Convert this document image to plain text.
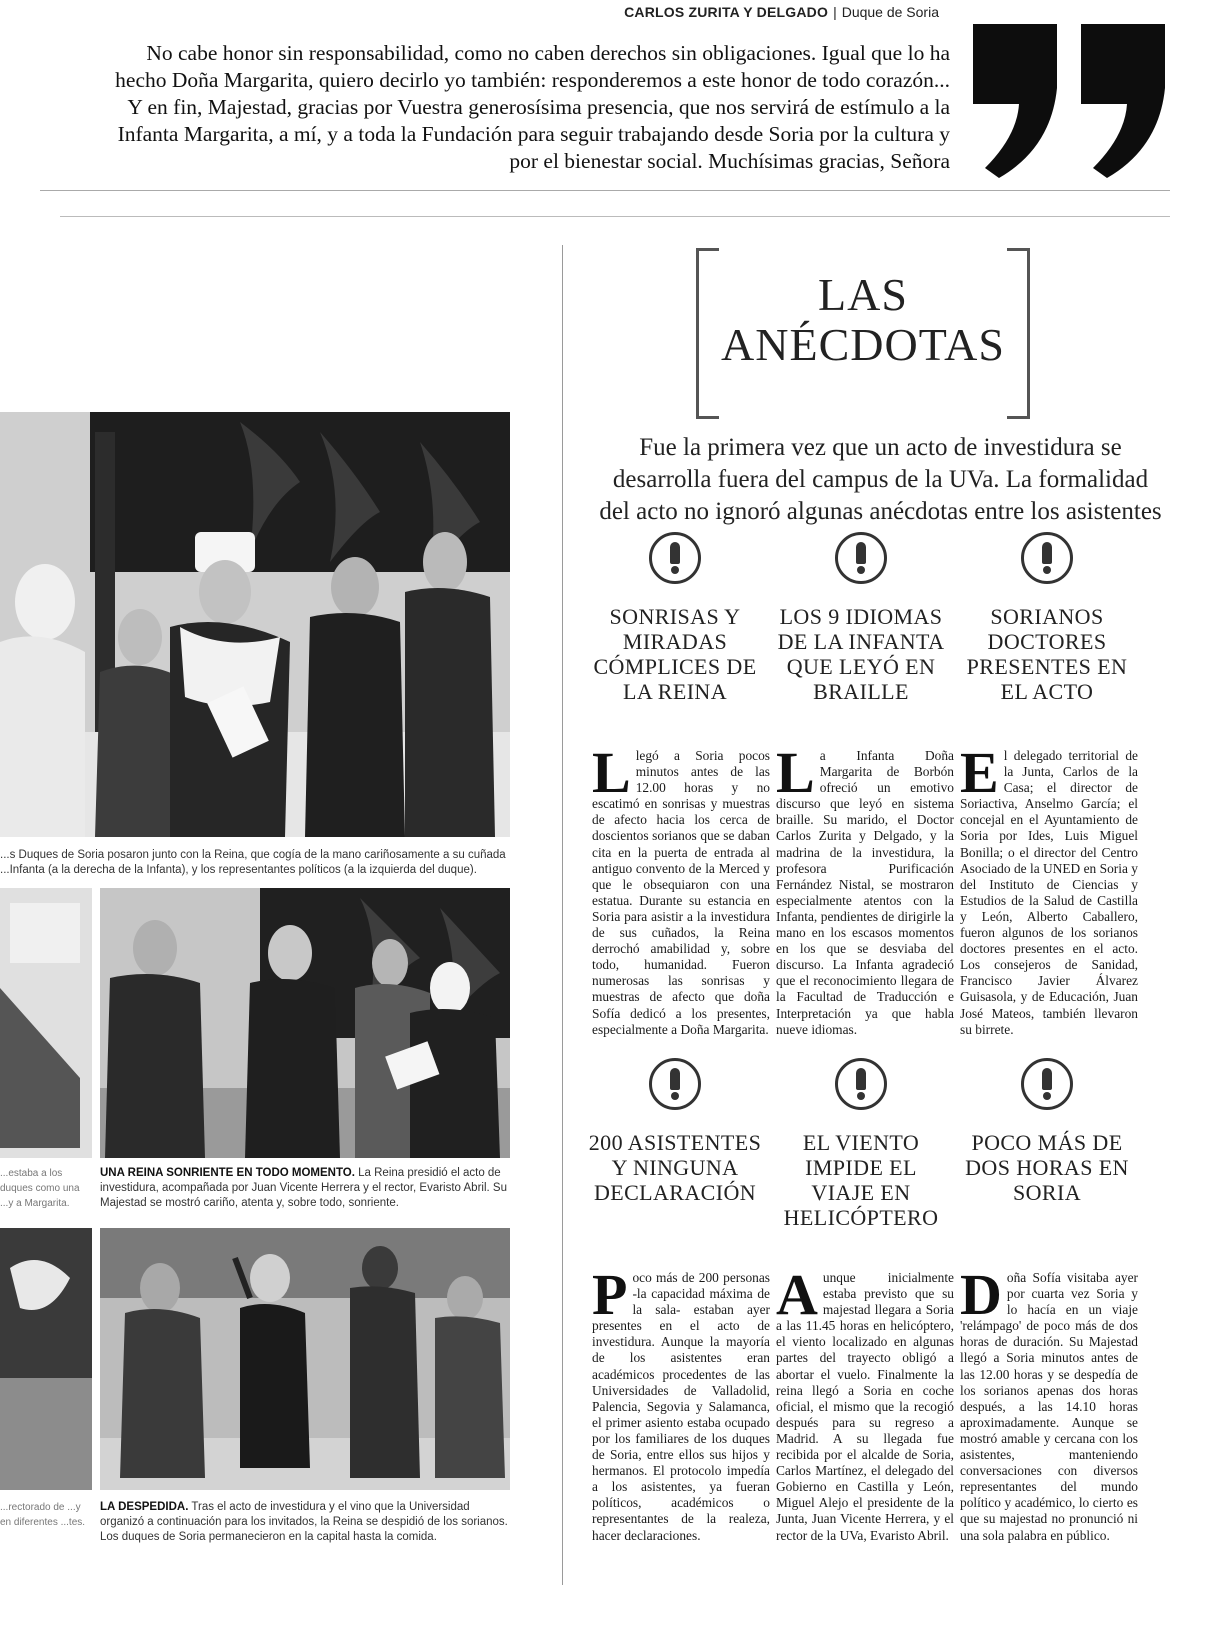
CARLOS ZURITA Y DELGADO | Duque de Soria
No cabe honor sin responsabilidad, como no caben derechos sin obligaciones. Igual que lo ha
hecho Doña Margarita, quiero decirlo yo también: responderemos a este honor de todo corazón...
Y en fin, Majestad, gracias por Vuestra generosísima presencia, que nos servirá de estímulo a la
Infanta Margarita, a mí, y a toda la Fundación para seguir trabajando desde Soria por la cultura y
por el bienestar social. Muchísimas gracias, Señora
...s Duques de Soria posaron junto con la Reina, que cogía de la mano cariñosamente a su cuñada
...Infanta (a la derecha de la Infanta), y los representantes políticos (a la izquierda del duque).
...estaba a los duques como una ...y a Margarita.
UNA REINA SONRIENTE EN TODO MOMENTO. La Reina presidió el acto de investidura, acompañada por Juan Vicente Herrera y el rector, Evaristo Abril. Su Majestad se mostró cariño, atenta y, sobre todo, sonriente.
...rectorado de ...y en diferentes ...tes.
LA DESPEDIDA. Tras el acto de investidura y el vino que la Universidad organizó a continuación para los invitados, la Reina se despidió de los sorianos. Los duques de Soria permanecieron en la capital hasta la comida.
LAS
ANÉCDOTAS
Fue la primera vez que un acto de investidura se desarrolla fuera del campus de la UVa. La formalidad del acto no ignoró algunas anécdotas entre los asistentes
SONRISAS Y MIRADAS CÓMPLICES DE LA REINA
LOS 9 IDIOMAS DE LA INFANTA QUE LEYÓ EN BRAILLE
SORIANOS DOCTORES PRESENTES EN EL ACTO
Llegó a Soria pocos minutos antes de las 12.00 horas y no escatimó en sonrisas y muestras de afecto hacia los cerca de doscientos sorianos que se daban cita en la puerta de entrada al antiguo convento de la Merced y que le obsequiaron con una estatua. Durante su estancia en Soria para asistir a la investidura de sus cuñados, la Reina derrochó amabilidad y, sobre todo, humanidad. Fueron numerosas las sonrisas y muestras de afecto que doña Sofía dedicó a los presentes, especialmente a Doña Margarita.
La Infanta Doña Margarita de Borbón ofreció un emotivo discurso que leyó en sistema braille. Su marido, el Doctor Carlos Zurita y Delgado, y la madrina de la investidura, la profesora Purificación Fernández Nistal, se mostraron especialmente atentos con la Infanta, pendientes de dirigirle la mano en los escasos momentos en los que se desviaba del discurso. La Infanta agradeció que el reconocimiento llegara de la Facultad de Traducción e Interpretación ya que habla nueve idiomas.
El delegado territorial de la Junta, Carlos de la Casa; el director de Soriactiva, Anselmo García; el concejal en el Ayuntamiento de Soria por Ides, Luis Miguel Bonilla; o el director del Centro Asociado de la UNED en Soria y del Instituto de Ciencias y Estudios de la Salud de Castilla y León, Alberto Caballero, fueron algunos de los sorianos doctores presentes en el acto. Los consejeros de Sanidad, Francisco Javier Álvarez Guisasola, y de Educación, Juan José Mateos, también llevaron su birrete.
200 ASISTENTES Y NINGUNA DECLARACIÓN
EL VIENTO IMPIDE EL VIAJE EN HELICÓPTERO
POCO MÁS DE DOS HORAS EN SORIA
Poco más de 200 personas -la capacidad máxima de la sala- estaban ayer presentes en el acto de investidura. Aunque la mayoría de los asistentes eran académicos procedentes de las Universidades de Valladolid, Palencia, Segovia y Salamanca, el primer asiento estaba ocupado por los familiares de los duques de Soria, entre ellos sus hijos y hermanos. El protocolo impedía a los asistentes, ya fueran políticos, académicos o representantes de la realeza, hacer declaraciones.
Aunque inicialmente estaba previsto que su majestad llegara a Soria a las 11.45 horas en helicóptero, el viento localizado en algunas partes del trayecto obligó a abortar el vuelo. Finalmente la reina llegó a Soria en coche oficial, el mismo que la recogió después para su regreso a Madrid. A su llegada fue recibida por el alcalde de Soria, Carlos Martínez, el delegado del Gobierno en Castilla y León, Miguel Alejo el presidente de la Junta, Juan Vicente Herrera, y el rector de la UVa, Evaristo Abril.
Doña Sofía visitaba ayer por cuarta vez Soria y lo hacía en un viaje 'relámpago' de poco más de dos horas de duración. Su Majestad llegó a Soria minutos antes de las 12.00 horas y se despedía de los sorianos apenas dos horas después, a las 14.10 horas aproximadamente. Aunque se mostró amable y cercana con los asistentes, manteniendo conversaciones con diversos representantes del mundo político y académico, lo cierto es que su majestad no pronunció ni una sola palabra en público.
